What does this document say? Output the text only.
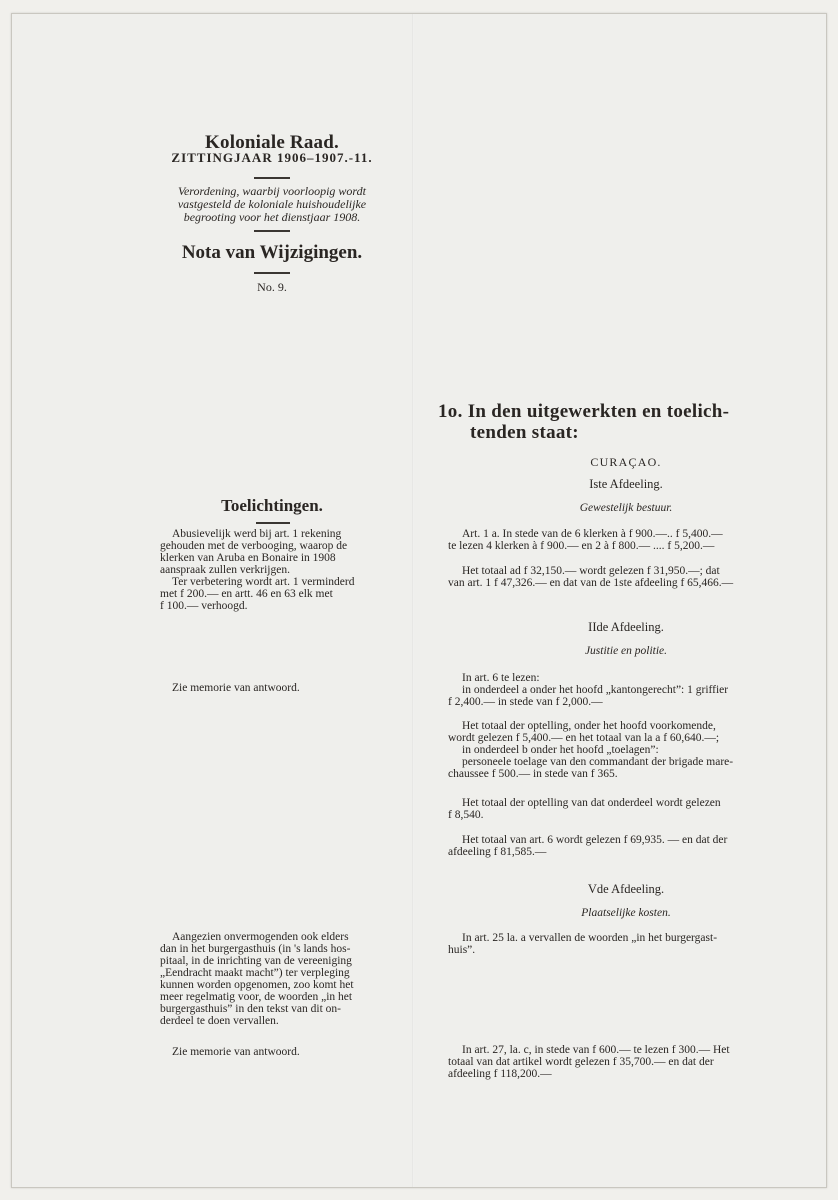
Koloniale Raad.
ZITTINGJAAR 1906–1907.-11.
Verordening, waarbij voorloopig wordt
vastgesteld de koloniale huishoudelijke
begrooting voor het dienstjaar 1908.
Nota van Wijzigingen.
No. 9.
Toelichtingen.
Abusievelijk werd bij art. 1 rekening
gehouden met de verbooging, waarop de
klerken van Aruba en Bonaire in 1908
aanspraak zullen verkrijgen.
Ter verbetering wordt art. 1 verminderd
met f 200.— en artt. 46 en 63 elk met
f 100.— verhoogd.
Zie memorie van antwoord.
Aangezien onvermogenden ook elders
dan in het burgergasthuis (in 's lands hos-
pitaal, in de inrichting van de vereeniging
„Eendracht maakt macht”) ter verpleging
kunnen worden opgenomen, zoo komt het
meer regelmatig voor, de woorden „in het
burgergasthuis” in den tekst van dit on-
derdeel te doen vervallen.
Zie memorie van antwoord.
1o. In den uitgewerkten en toelich-
tenden staat:
CURAÇAO.
Iste Afdeeling.
Gewestelijk bestuur.
Art. 1 a. In stede van de 6 klerken à f 900.—.. f 5,400.—
te lezen 4 klerken à f 900.— en 2 à f 800.— .... f 5,200.—
Het totaal ad f 32,150.— wordt gelezen f 31,950.—; dat
van art. 1 f 47,326.— en dat van de 1ste afdeeling f 65,466.—
IIde Afdeeling.
Justitie en politie.
In art. 6 te lezen:
in onderdeel a onder het hoofd „kantongerecht”: 1 griffier
f 2,400.— in stede van f 2,000.—
Het totaal der optelling, onder het hoofd voorkomende,
wordt gelezen f 5,400.— en het totaal van la a f 60,640.—;
in onderdeel b onder het hoofd „toelagen”:
personeele toelage van den commandant der brigade mare-
chaussee f 500.— in stede van f 365.
Het totaal der optelling van dat onderdeel wordt gelezen
f 8,540.
Het totaal van art. 6 wordt gelezen f 69,935. — en dat der
afdeeling f 81,585.—
Vde Afdeeling.
Plaatselijke kosten.
In art. 25 la. a vervallen de woorden „in het burgergast-
huis”.
In art. 27, la. c, in stede van f 600.— te lezen f 300.— Het
totaal van dat artikel wordt gelezen f 35,700.— en dat der
afdeeling f 118,200.—
